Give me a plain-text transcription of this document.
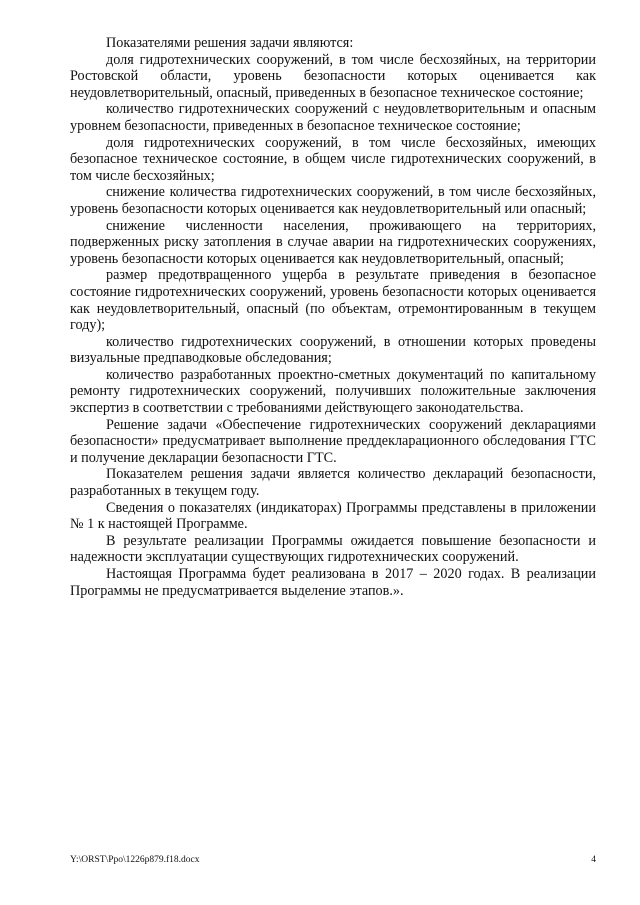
Показателями решения задачи являются:

доля гидротехнических сооружений, в том числе бесхозяйных, на территории Ростовской области, уровень безопасности которых оценивается как неудовлетворительный, опасный, приведенных в безопасное техническое состояние;

количество гидротехнических сооружений с неудовлетворительным и опасным уровнем безопасности, приведенных в безопасное техническое состояние;

доля гидротехнических сооружений, в том числе бесхозяйных, имеющих безопасное техническое состояние, в общем числе гидротехнических сооружений, в том числе бесхозяйных;

снижение количества гидротехнических сооружений, в том числе бесхозяйных, уровень безопасности которых оценивается как неудовлетворительный или опасный;

снижение численности населения, проживающего на территориях, подверженных риску затопления в случае аварии на гидротехнических сооружениях, уровень безопасности которых оценивается как неудовлетворительный, опасный;

размер предотвращенного ущерба в результате приведения в безопасное состояние гидротехнических сооружений, уровень безопасности которых оценивается как неудовлетворительный, опасный (по объектам, отремонтированным в текущем году);

количество гидротехнических сооружений, в отношении которых проведены визуальные предпаводковые обследования;

количество разработанных проектно-сметных документаций по капитальному ремонту гидротехнических сооружений, получивших положительные заключения экспертиз в соответствии с требованиями действующего законодательства.

Решение задачи «Обеспечение гидротехнических сооружений декларациями безопасности» предусматривает выполнение преддекларационного обследования ГТС и получение декларации безопасности ГТС.

Показателем решения задачи является количество деклараций безопасности, разработанных в текущем году.

Сведения о показателях (индикаторах) Программы представлены в приложении № 1 к настоящей Программе.

В результате реализации Программы ожидается повышение безопасности и надежности эксплуатации существующих гидротехнических сооружений.

Настоящая Программа будет реализована в 2017 – 2020 годах. В реализации Программы не предусматривается выделение этапов.».

Y:\ORST\Ppo\1226p879.f18.docx	4
